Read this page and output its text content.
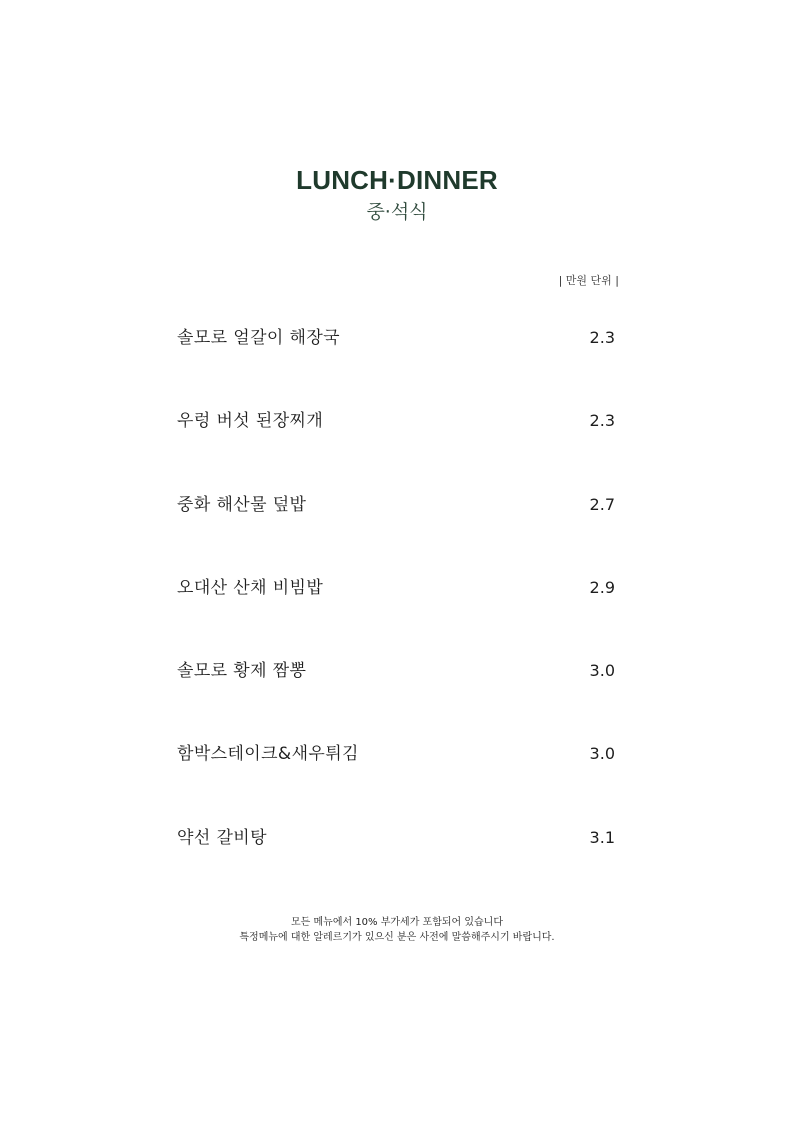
LUNCH·DINNER
중·석식
| 만원 단위 |
솔모로 얼갈이 해장국	2.3
우렁 버섯 된장찌개	2.3
중화 해산물 덮밥	2.7
오대산 산채 비빔밥	2.9
솔모로 황제 짬뽕	3.0
함박스테이크&새우튀김	3.0
약선 갈비탕	3.1
모든 메뉴에서 10% 부가세가 포함되어 있습니다
특정메뉴에 대한 알레르기가 있으신 분은 사전에 말씀해주시기 바랍니다.
